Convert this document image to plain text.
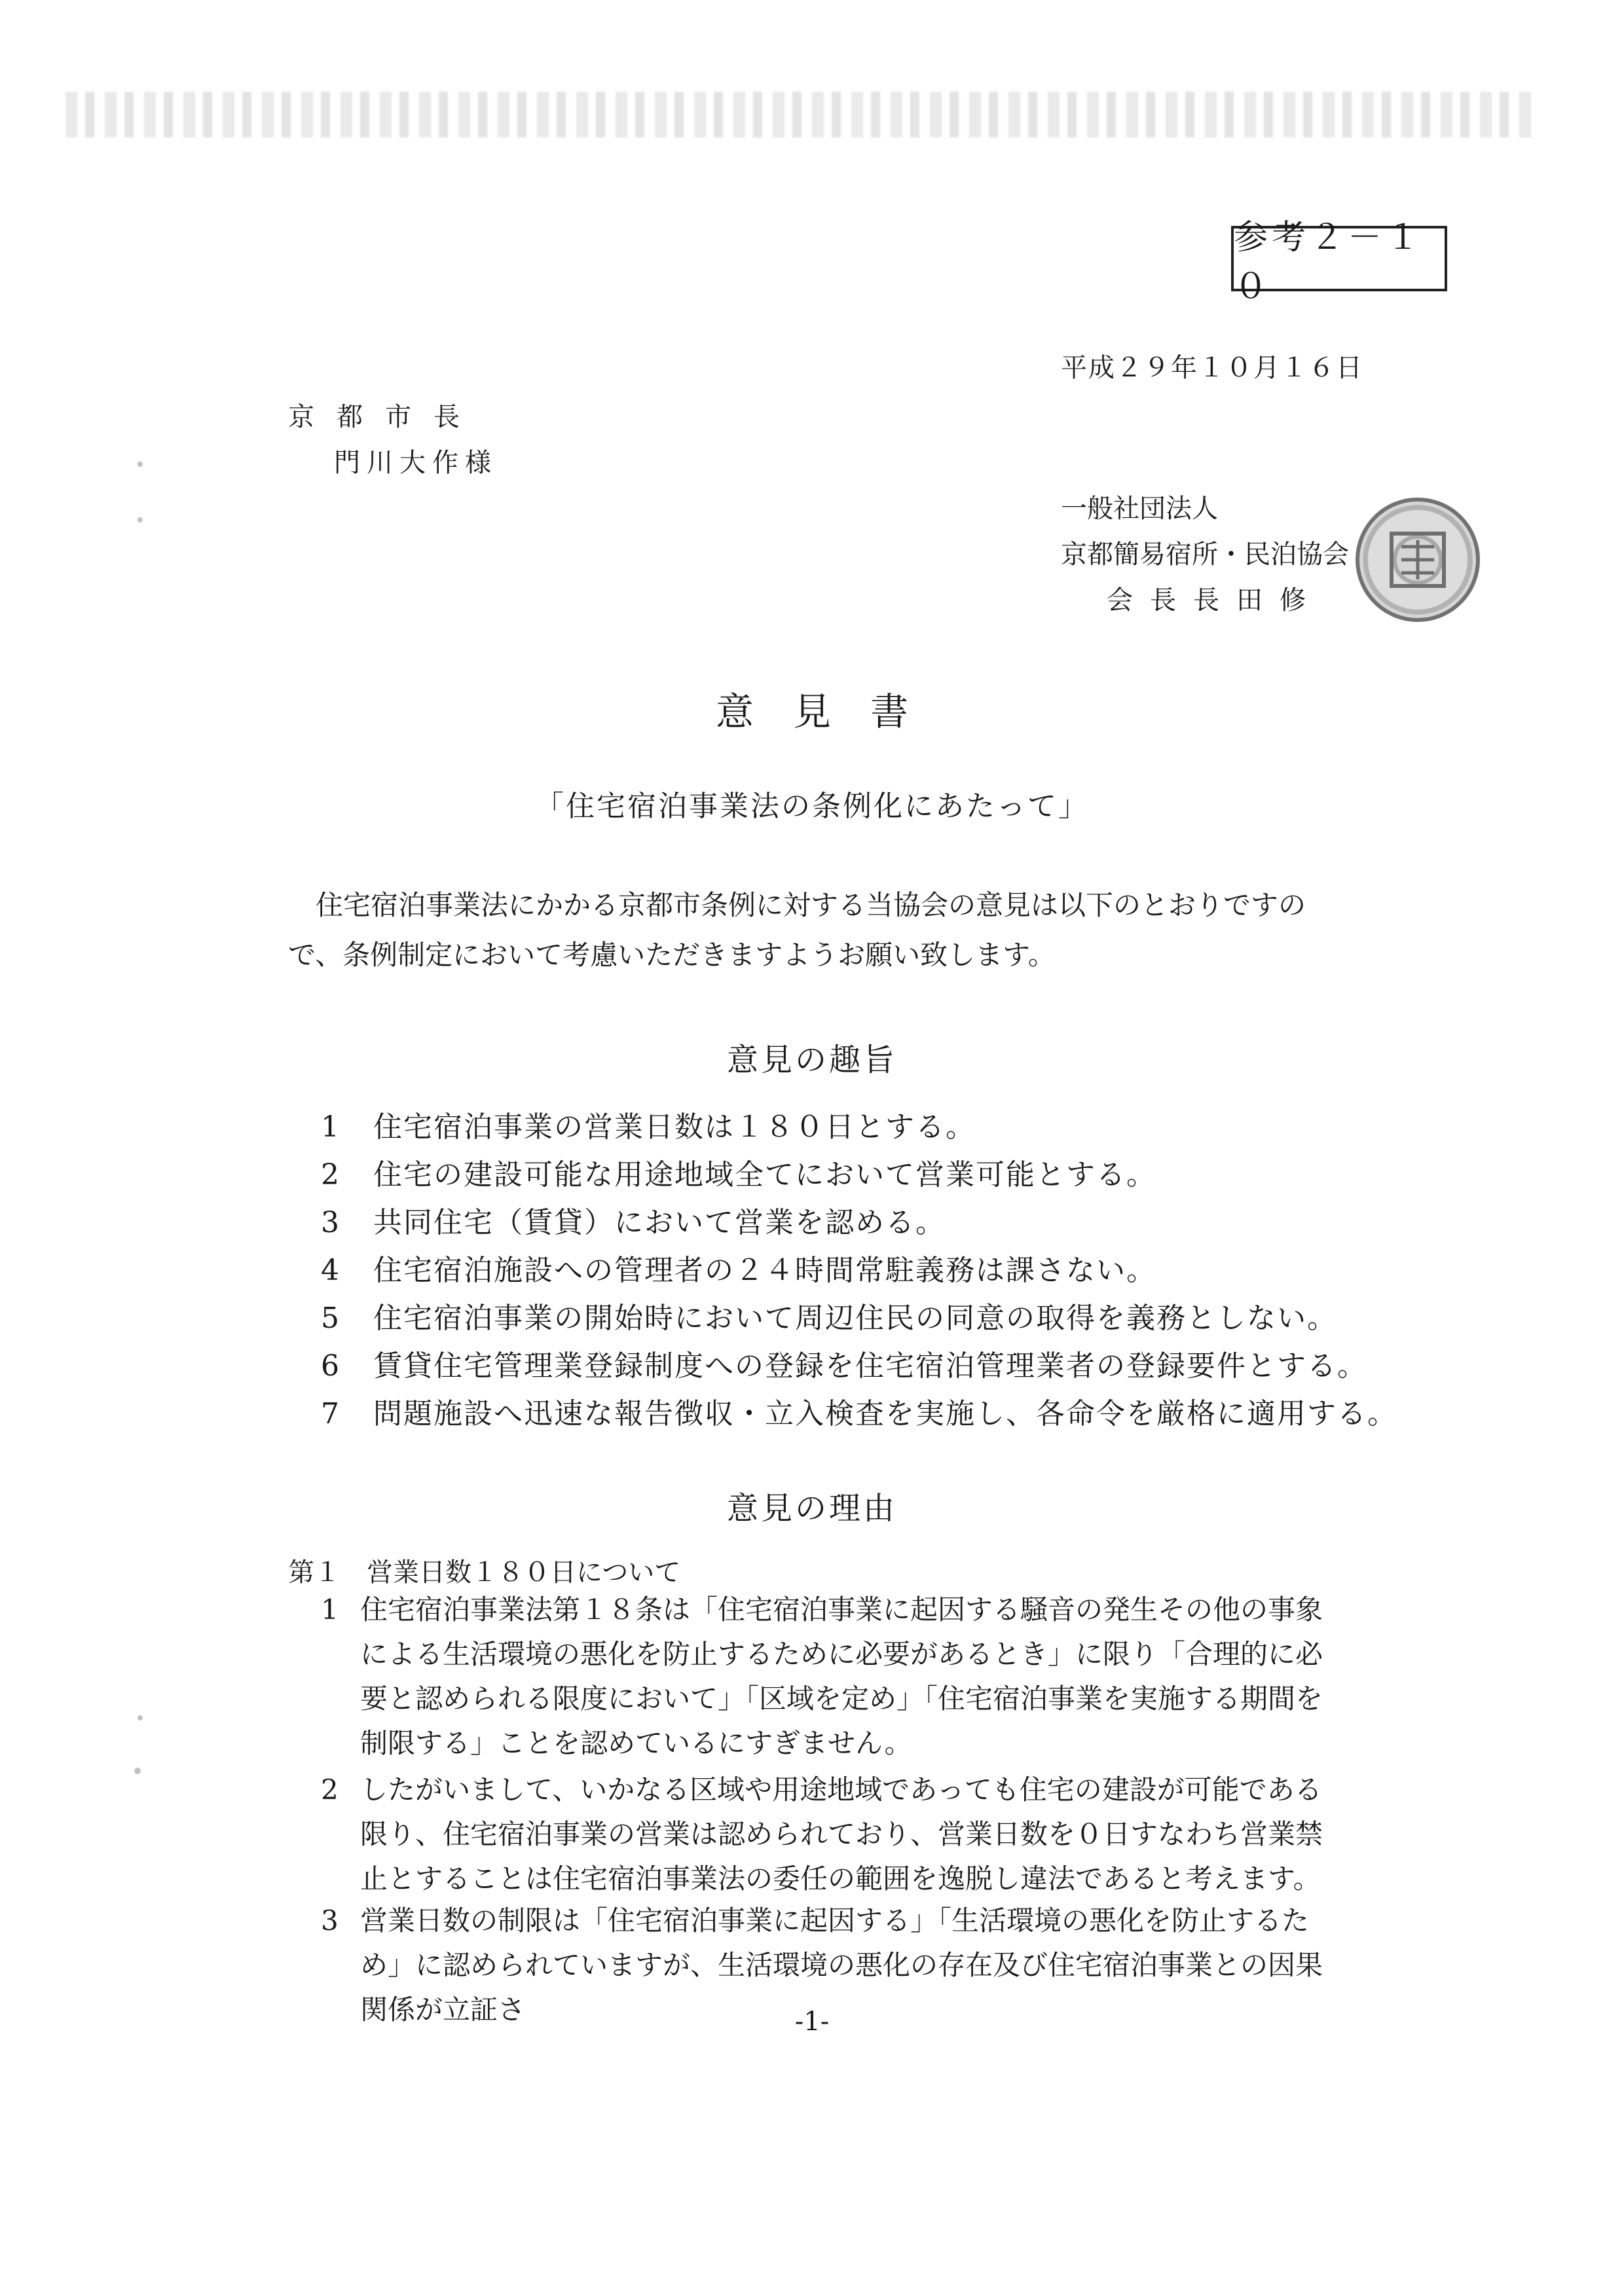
参考２－１０
平成２９年１０月１６日
京都市長
門川大作様
一般社団法人
京都簡易宿所・民泊協会
会長長田修
意見書
「住宅宿泊事業法の条例化にあたって」
住宅宿泊事業法にかかる京都市条例に対する当協会の意見は以下のとおりですので、条例制定において考慮いただきますようお願い致します。
意見の趣旨
1 住宅宿泊事業の営業日数は１８０日とする。
2 住宅の建設可能な用途地域全てにおいて営業可能とする。
3 共同住宅（賃貸）において営業を認める。
4 住宅宿泊施設への管理者の２４時間常駐義務は課さない。
5 住宅宿泊事業の開始時において周辺住民の同意の取得を義務としない。
6 賃貸住宅管理業登録制度への登録を住宅宿泊管理業者の登録要件とする。
7 問題施設へ迅速な報告徴収・立入検査を実施し、各命令を厳格に適用する。
意見の理由
第１　営業日数１８０日について
1 住宅宿泊事業法第１８条は「住宅宿泊事業に起因する騒音の発生その他の事象による生活環境の悪化を防止するために必要があるとき」に限り「合理的に必要と認められる限度において」「区域を定め」「住宅宿泊事業を実施する期間を制限する」ことを認めているにすぎません。
2 したがいまして、いかなる区域や用途地域であっても住宅の建設が可能である限り、住宅宿泊事業の営業は認められており、営業日数を０日すなわち営業禁止とすることは住宅宿泊事業法の委任の範囲を逸脱し違法であると考えます。
3 営業日数の制限は「住宅宿泊事業に起因する」「生活環境の悪化を防止するため」に認められていますが、生活環境の悪化の存在及び住宅宿泊事業との因果関係が立証さ	-1-
